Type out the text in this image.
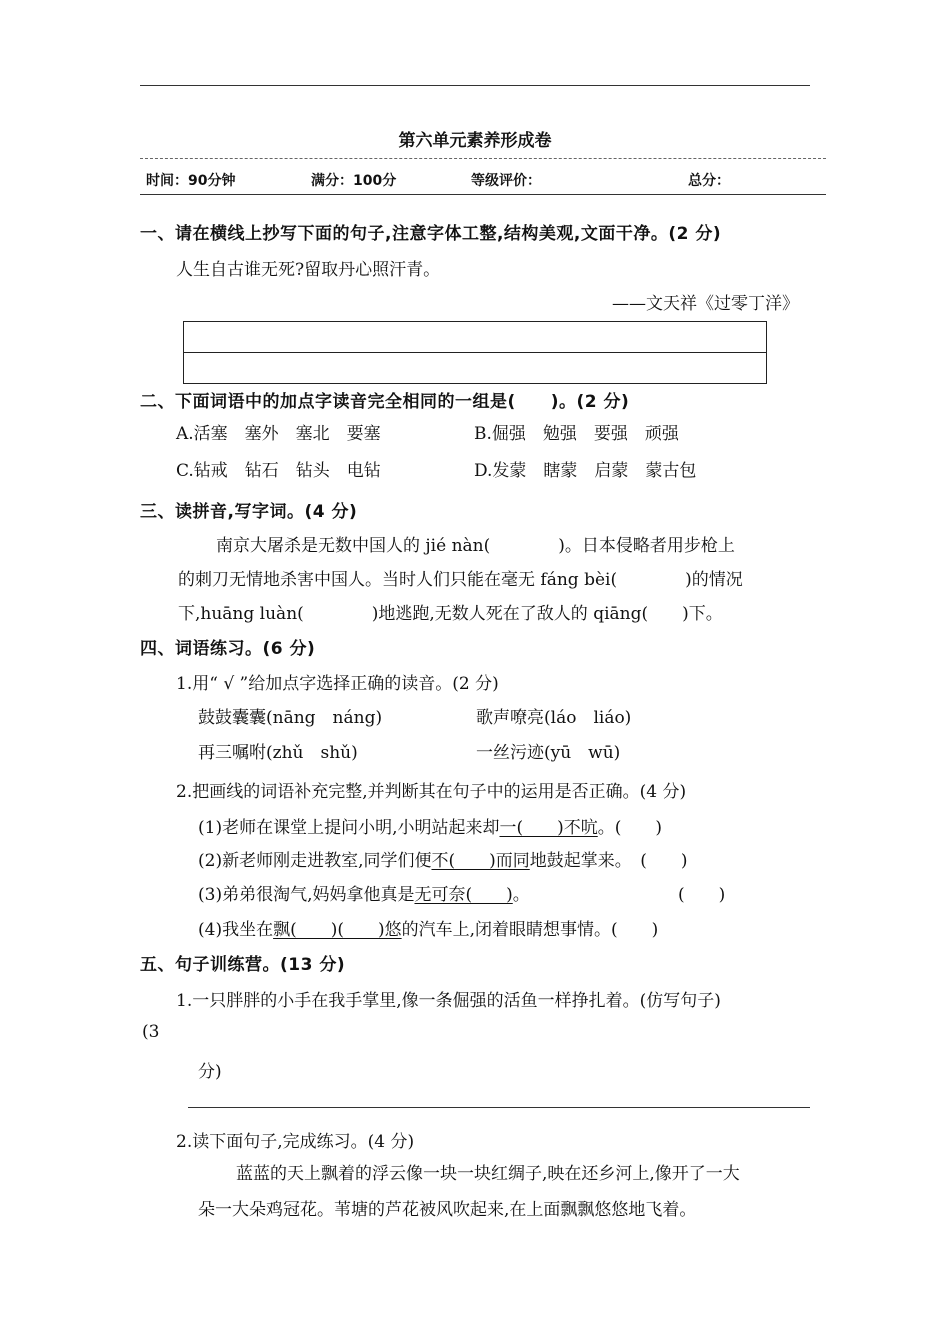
第六单元素养形成卷
时间：90分钟	满分：100分	等级评价：	总分：
一、请在横线上抄写下面的句子,注意字体工整,结构美观,文面干净。(2 分)
人生自古谁无死?留取丹心照汗青。
——文天祥《过零丁洋》
二、下面词语中的加点字读音完全相同的一组是(　　)。(2 分)
A.活塞　塞外　塞北　要塞	B.倔强　勉强　要强　顽强
C.钻戒　钻石　钻头　电钻	D.发蒙　瞎蒙　启蒙　蒙古包
三、读拼音,写字词。(4 分)
南京大屠杀是无数中国人的 jié nàn(　　　　)。日本侵略者用步枪上
的刺刀无情地杀害中国人。当时人们只能在毫无 fáng bèi(　　　　)的情况
下,huāng luàn(　　　　)地逃跑,无数人死在了敌人的 qiāng(　　)下。
四、词语练习。(6 分)
1.用“ √ ”给加点字选择正确的读音。(2 分)
鼓鼓囊囊(nāng　náng)	歌声嘹亮(láo　liáo)
再三嘱咐(zhǔ　shǔ)	一丝污迹(yū　wū)
2.把画线的词语补充完整,并判断其在句子中的运用是否正确。(4 分)
(1)老师在课堂上提问小明,小明站起来却一(　　)不吭。(　　)
(2)新老师刚走进教室,同学们便不(　　)而同地鼓起掌来。　(　　)
(3)弟弟很淘气,妈妈拿他真是无可奈(　　)。	(　　)
(4)我坐在飘(　　)(　　)悠的汽车上,闭着眼睛想事情。(　　)
五、句子训练营。(13 分)
1.一只胖胖的小手在我手掌里,像一条倔强的活鱼一样挣扎着。(仿写句子)
(3
分)
2.读下面句子,完成练习。(4 分)
蓝蓝的天上飘着的浮云像一块一块红绸子,映在还乡河上,像开了一大
朵一大朵鸡冠花。苇塘的芦花被风吹起来,在上面飘飘悠悠地飞着。
